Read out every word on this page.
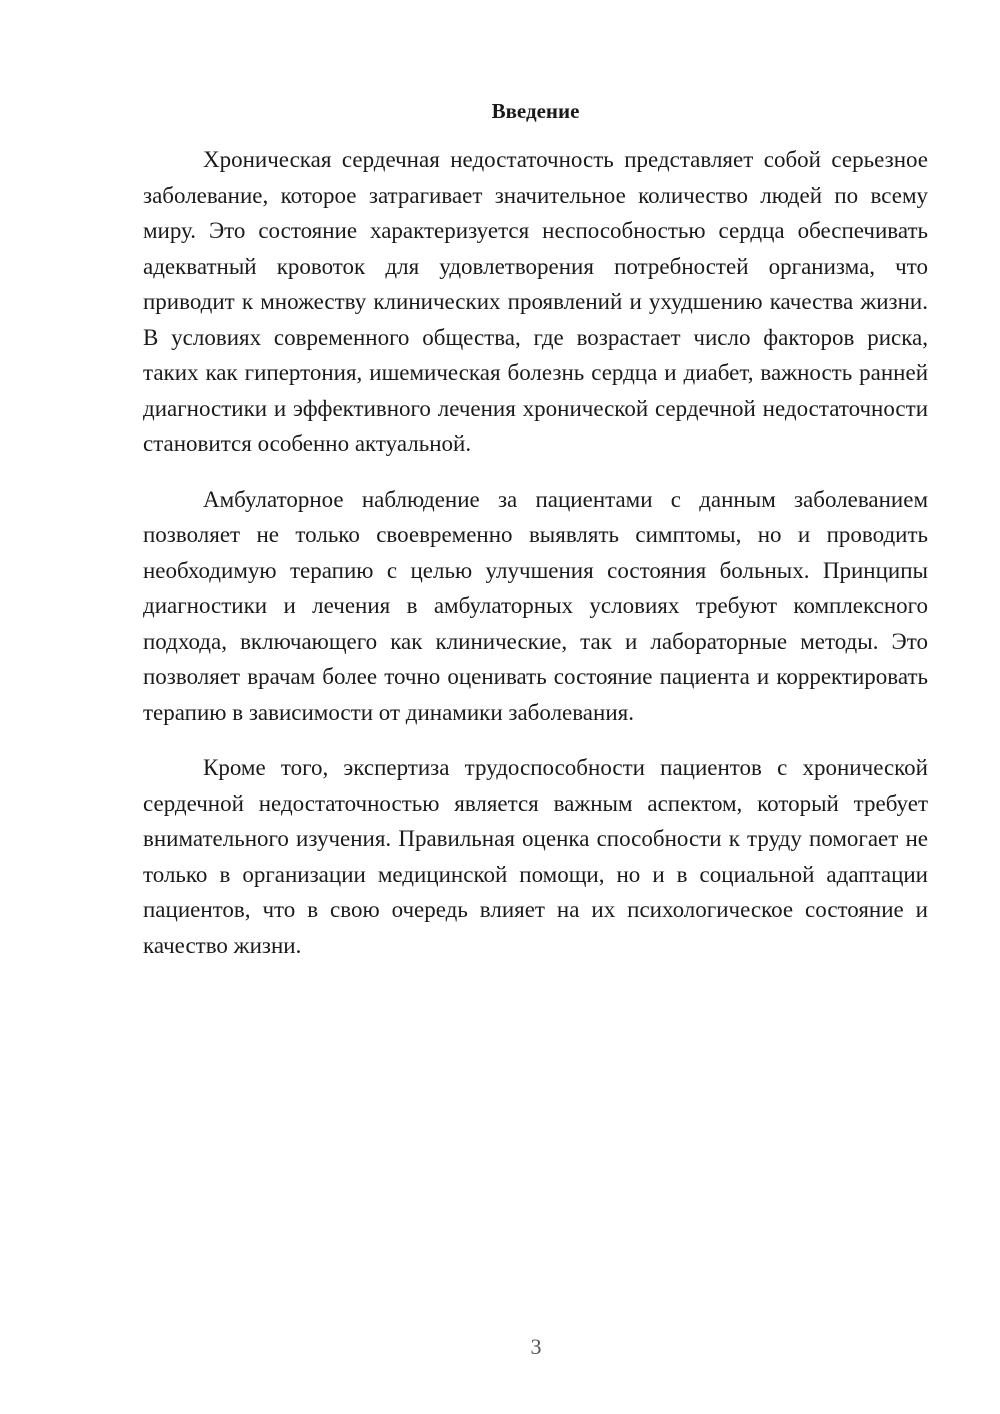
Введение

Хроническая сердечная недостаточность представляет собой серьезное заболевание, которое затрагивает значительное количество людей по всему миру. Это состояние характеризуется неспособностью сердца обеспечивать адекватный кровоток для удовлетворения потребностей организма, что приводит к множеству клинических проявлений и ухудшению качества жизни. В условиях современного общества, где возрастает число факторов риска, таких как гипертония, ишемическая болезнь сердца и диабет, важность ранней диагностики и эффективного лечения хронической сердечной недостаточности становится особенно актуальной.

Амбулаторное наблюдение за пациентами с данным заболеванием позволяет не только своевременно выявлять симптомы, но и проводить необходимую терапию с целью улучшения состояния больных. Принципы диагностики и лечения в амбулаторных условиях требуют комплексного подхода, включающего как клинические, так и лабораторные методы. Это позволяет врачам более точно оценивать состояние пациента и корректировать терапию в зависимости от динамики заболевания.

Кроме того, экспертиза трудоспособности пациентов с хронической сердечной недостаточностью является важным аспектом, который требует внимательного изучения. Правильная оценка способности к труду помогает не только в организации медицинской помощи, но и в социальной адаптации пациентов, что в свою очередь влияет на их психологическое состояние и качество жизни.

3
